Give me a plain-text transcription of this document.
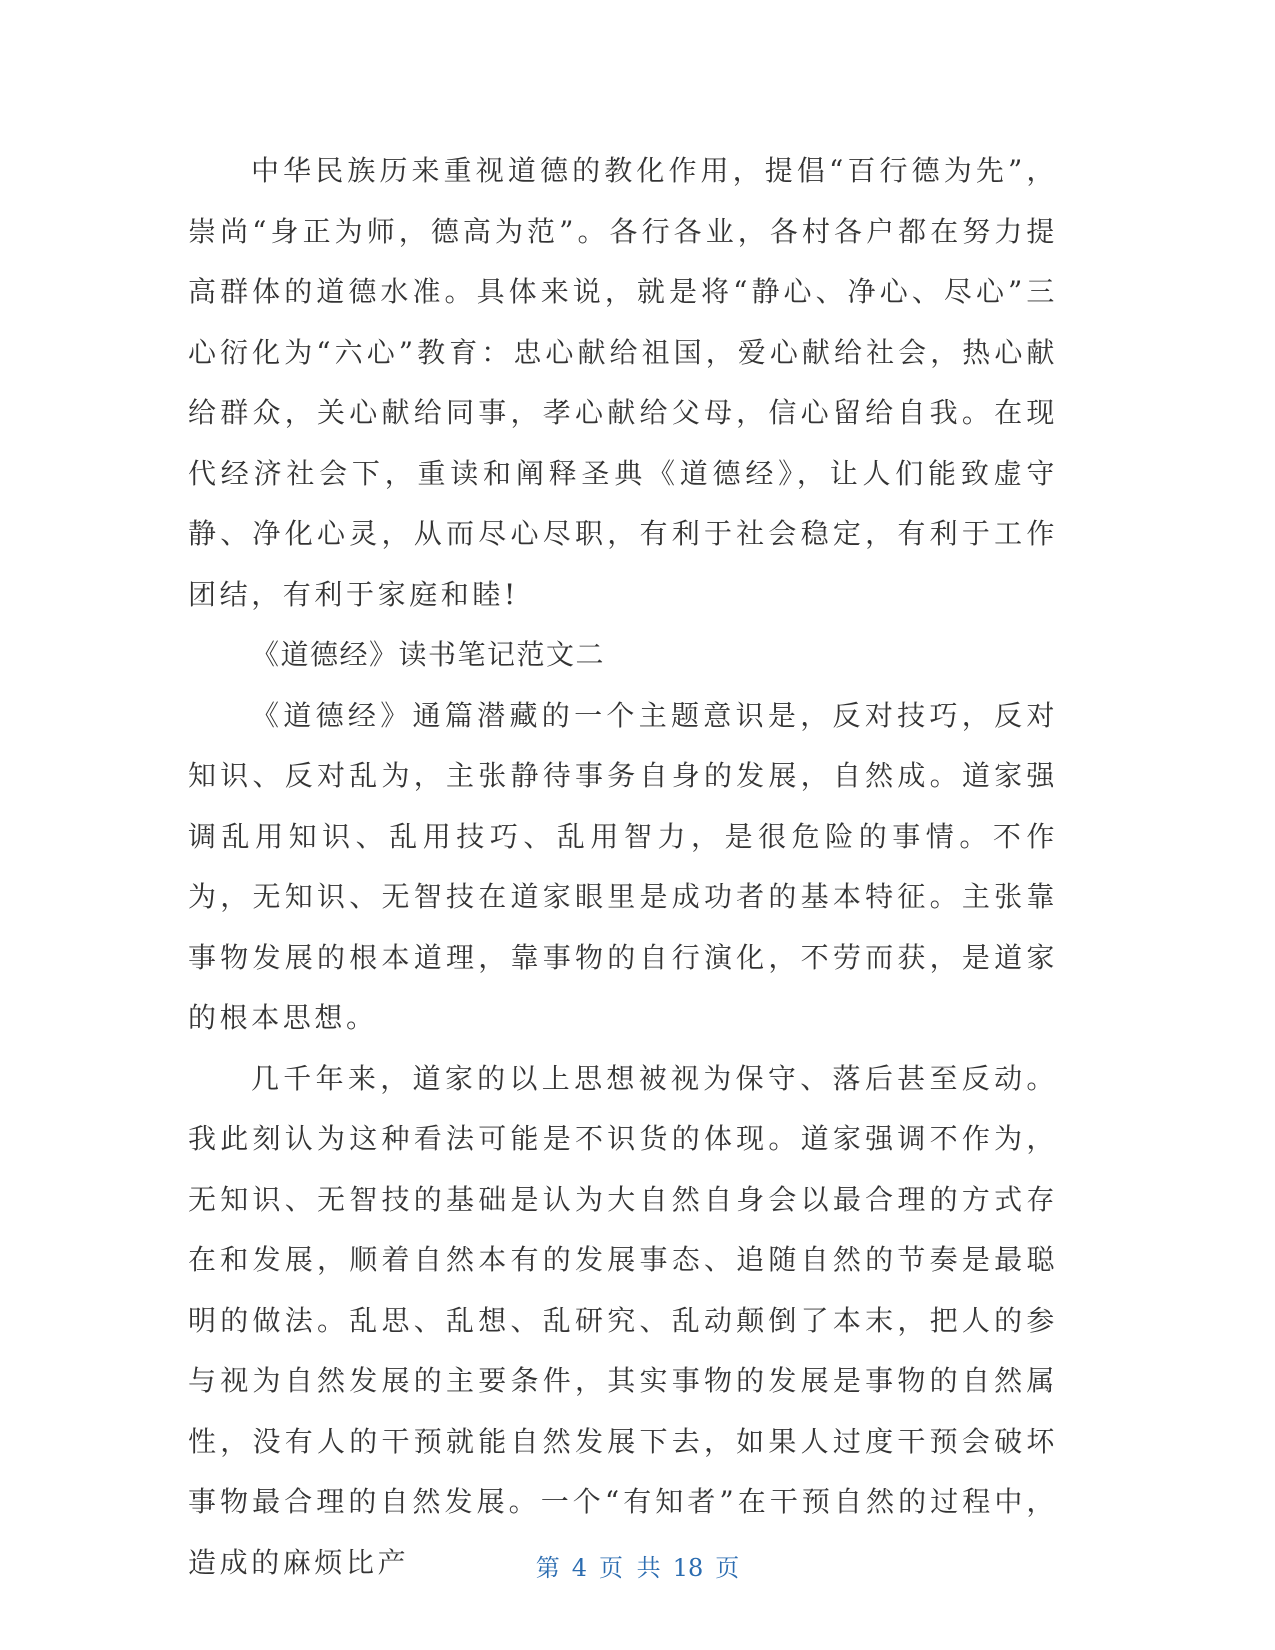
中华民族历来重视道德的教化作用，提倡“百行德为先”，崇尚“身正为师，德高为范”。各行各业，各村各户都在努力提高群体的道德水准。具体来说，就是将“静心、净心、尽心”三心衍化为“六心”教育：忠心献给祖国，爱心献给社会，热心献给群众，关心献给同事，孝心献给父母，信心留给自我。在现代经济社会下，重读和阐释圣典《道德经》，让人们能致虚守静、净化心灵，从而尽心尽职，有利于社会稳定，有利于工作团结，有利于家庭和睦!

《道德经》读书笔记范文二

《道德经》通篇潜藏的一个主题意识是，反对技巧，反对知识、反对乱为，主张静待事务自身的发展，自然成。道家强调乱用知识、乱用技巧、乱用智力，是很危险的事情。不作为，无知识、无智技在道家眼里是成功者的基本特征。主张靠事物发展的根本道理，靠事物的自行演化，不劳而获，是道家的根本思想。

几千年来，道家的以上思想被视为保守、落后甚至反动。我此刻认为这种看法可能是不识货的体现。道家强调不作为，无知识、无智技的基础是认为大自然自身会以最合理的方式存在和发展，顺着自然本有的发展事态、追随自然的节奏是最聪明的做法。乱思、乱想、乱研究、乱动颠倒了本末，把人的参与视为自然发展的主要条件，其实事物的发展是事物的自然属性，没有人的干预就能自然发展下去，如果人过度干预会破坏事物最合理的自然发展。一个“有知者”在干预自然的过程中，造成的麻烦比产	第 4 页 共 18 页
